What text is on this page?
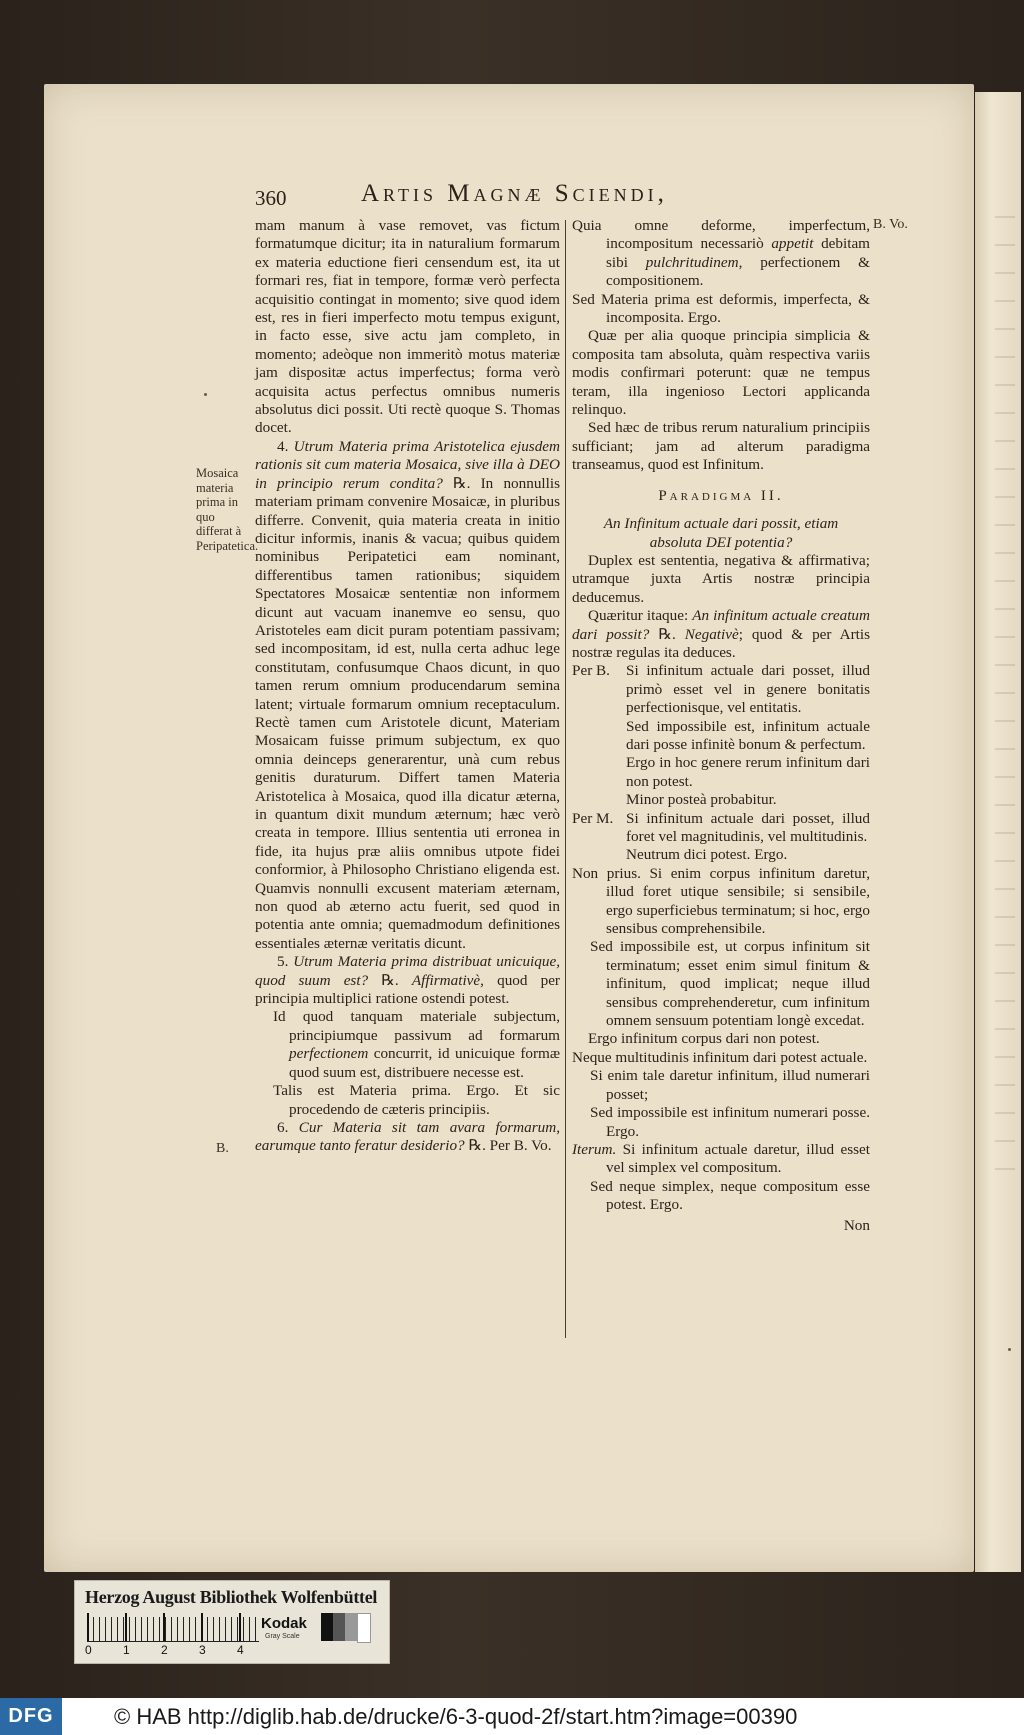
360	Artis Magnæ Sciendi,

mam manum à vase removet, vas fictum formatumque dicitur; ita in naturalium formarum ex materia eductione fieri censendum est, ita ut formari res, fiat in tempore, formæ verò perfecta acquisitio contingat in momento; sive quod idem est, res in fieri imperfecto motu tempus exigunt, in facto esse, sive actu jam completo, in momento; adeòque non immeritò motus materiæ jam dispositæ actus imperfectus; forma verò acquisita actus perfectus omnibus numeris absolutus dici possit. Uti rectè quoque S. Thomas docet.

4. Utrum Materia prima Aristotelica ejusdem rationis sit cum materia Mosaica, sive illa à DEO in principio rerum condita? ℞. In nonnullis materiam primam convenire Mosaicæ, in pluribus differre. Convenit, quia materia creata in initio dicitur informis, inanis & vacua; quibus quidem nominibus Peripatetici eam nominant, differentibus tamen rationibus; siquidem Spectatores Mosaicæ sententiæ non informem dicunt aut vacuam inanemve eo sensu, quo Aristoteles eam dicit puram potentiam passivam; sed incompositam, id est, nulla certa adhuc lege constitutam, confusumque Chaos dicunt, in quo tamen rerum omnium producendarum semina latent; virtuale formarum omnium receptaculum. Rectè tamen cum Aristotele dicunt, Materiam Mosaicam fuisse primum subjectum, ex quo omnia deinceps generarentur, unà cum rebus genitis duraturum. Differt tamen Materia Aristotelica à Mosaica, quod illa dicatur æterna, in quantum dixit mundum æternum; hæc verò creata in tempore. Illius sententia uti erronea in fide, ita hujus præ aliis omnibus utpote fidei conformior, à Philosopho Christiano eligenda est. Quamvis nonnulli excusent materiam æternam, non quod ab æterno actu fuerit, sed quod in potentia ante omnia; quemadmodum definitiones essentiales æternæ veritatis dicunt.

5. Utrum Materia prima distribuat unicuique, quod suum est? ℞. Affirmativè, quod per principia multiplici ratione ostendi potest.

Id quod tanquam materiale subjectum, principiumque passivum ad formarum perfectionem concurrit, id unicuique formæ quod suum est, distribuere necesse est.

Talis est Materia prima. Ergo. Et sic procedendo de cæteris principiis.

6. Cur Materia sit tam avara formarum, earumque tanto feratur desiderio? ℞. Per B. Vo.

Quia omne deforme, imperfectum, incompositum necessariò appetit debitam sibi pulchritudinem, perfectionem & compositionem.

Sed Materia prima est deformis, imperfecta, & incomposita. Ergo.

Quæ per alia quoque principia simplicia & composita tam absoluta, quàm respectiva variis modis confirmari poterunt: quæ ne tempus teram, illa ingenioso Lectori applicanda relinquo.

Sed hæc de tribus rerum naturalium principiis sufficiant; jam ad alterum paradigma transeamus, quod est Infinitum.

Paradigma II.

An Infinitum actuale dari possit, etiam absoluta DEI potentia?

Duplex est sententia, negativa & affirmativa; utramque juxta Artis nostræ principia deducemus.

Quæritur itaque: An infinitum actuale creatum dari possit? ℞. Negativè; quod & per Artis nostræ regulas ita deduces.

Per B. Si infinitum actuale dari posset, illud primò esset vel in genere bonitatis perfectionisque, vel entitatis.

Sed impossibile est, infinitum actuale dari posse infinitè bonum & perfectum.

Ergo in hoc genere rerum infinitum dari non potest.

Minor posteà probabitur.

Per M. Si infinitum actuale dari posset, illud foret vel magnitudinis, vel multitudinis.

Neutrum dici potest. Ergo.

Non prius. Si enim corpus infinitum daretur, illud foret utique sensibile; si sensibile, ergo superficiebus terminatum; si hoc, ergo sensibus comprehensibile.

Sed impossibile est, ut corpus infinitum sit terminatum; esset enim simul finitum & infinitum, quod implicat; neque illud sensibus comprehenderetur, cum infinitum omnem sensuum potentiam longè excedat.

Ergo infinitum corpus dari non potest.

Neque multitudinis infinitum dari potest actuale.

Si enim tale daretur infinitum, illud numerari posset;

Sed impossibile est infinitum numerari posse. Ergo.

Iterum. Si infinitum actuale daretur, illud esset vel simplex vel compositum.

Sed neque simplex, neque compositum esse potest. Ergo.

Non

Mosaica materia prima in quo differat à Peripatetica.
B.
B. Vo.
Herzog August Bibliothek Wolfenbüttel
0	1	2	3	4
Kodak
Gray Scale
DFG	© HAB http://diglib.hab.de/drucke/6-3-quod-2f/start.htm?image=00390
